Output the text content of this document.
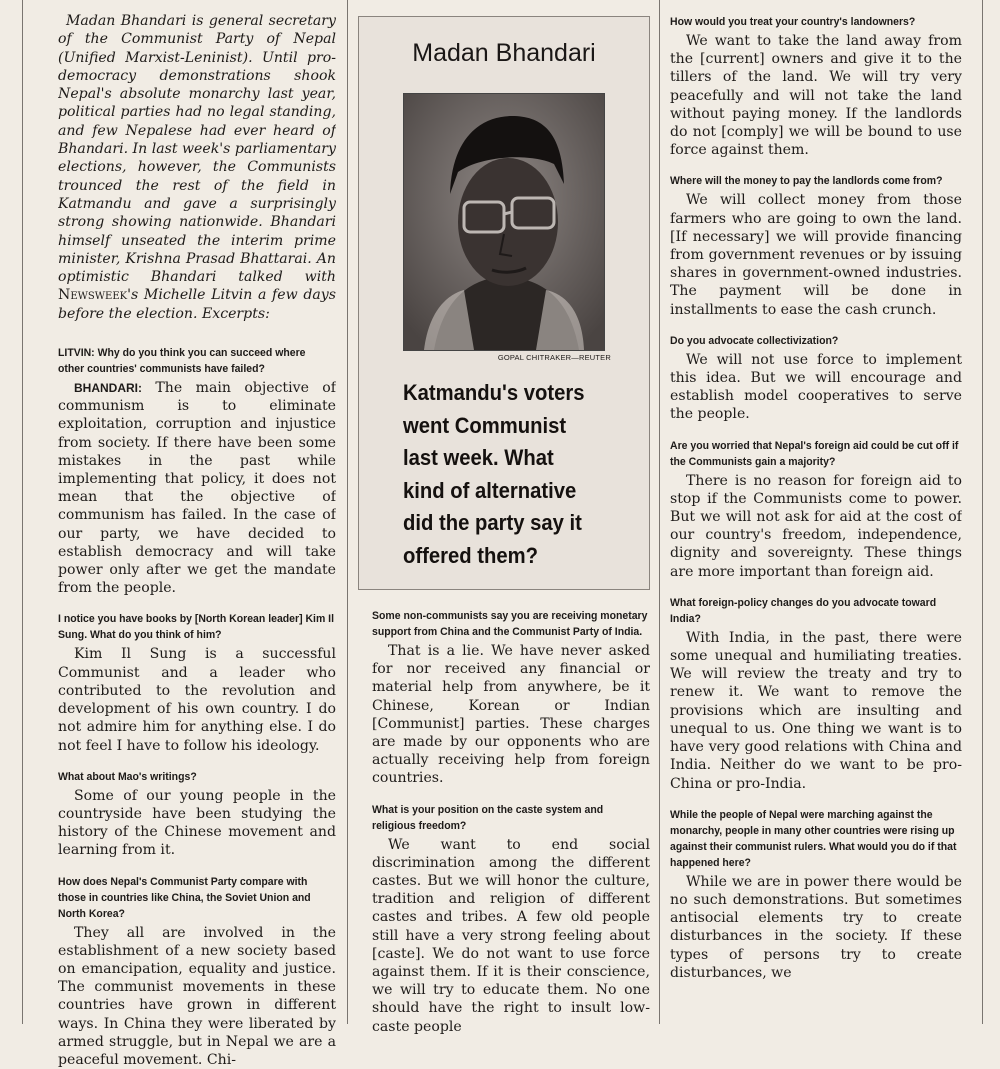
Madan Bhandari is general secretary of the Communist Party of Nepal (Unified Marxist-Leninist). Until pro-democracy demonstrations shook Nepal's absolute monarchy last year, political parties had no legal standing, and few Nepalese had ever heard of Bhandari. In last week's parliamentary elections, however, the Communists trounced the rest of the field in Katmandu and gave a surprisingly strong showing nationwide. Bhandari himself unseated the interim prime minister, Krishna Prasad Bhattarai. An optimistic Bhandari talked with Newsweek's Michelle Litvin a few days before the election. Excerpts:

LITVIN: Why do you think you can succeed where other countries' communists have failed?

BHANDARI: The main objective of communism is to eliminate exploitation, corruption and injustice from society. If there have been some mistakes in the past while implementing that policy, it does not mean that the objective of communism has failed. In the case of our party, we have decided to establish democracy and will take power only after we get the mandate from the people.

I notice you have books by [North Korean leader] Kim Il Sung. What do you think of him?

Kim Il Sung is a successful Communist and a leader who contributed to the revolution and development of his own country. I do not admire him for anything else. I do not feel I have to follow his ideology.

What about Mao's writings?

Some of our young people in the countryside have been studying the history of the Chinese movement and learning from it.

How does Nepal's Communist Party compare with those in countries like China, the Soviet Union and North Korea?

They all are involved in the establishment of a new society based on emancipation, equality and justice. The communist movements in these countries have grown in different ways. In China they were liberated by armed struggle, but in Nepal we are a peaceful movement. Chi-

Madan Bhandari
GOPAL CHITRAKER—REUTER
Katmandu's voters went Communist last week. What kind of alternative did the party say it offered them?

Some non-communists say you are receiving monetary support from China and the Communist Party of India.

That is a lie. We have never asked for nor received any financial or material help from anywhere, be it Chinese, Korean or Indian [Communist] parties. These charges are made by our opponents who are actually receiving help from foreign countries.

What is your position on the caste system and religious freedom?

We want to end social discrimination among the different castes. But we will honor the culture, tradition and religion of different castes and tribes. A few old people still have a very strong feeling about [caste]. We do not want to use force against them. If it is their conscience, we will try to educate them. No one should have the right to insult low-caste people

How would you treat your country's landowners?

We want to take the land away from the [current] owners and give it to the tillers of the land. We will try very peacefully and will not take the land without paying money. If the landlords do not [comply] we will be bound to use force against them.

Where will the money to pay the landlords come from?

We will collect money from those farmers who are going to own the land. [If necessary] we will provide financing from government revenues or by issuing shares in government-owned industries. The payment will be done in installments to ease the cash crunch.

Do you advocate collectivization?

We will not use force to implement this idea. But we will encourage and establish model cooperatives to serve the people.

Are you worried that Nepal's foreign aid could be cut off if the Communists gain a majority?

There is no reason for foreign aid to stop if the Communists come to power. But we will not ask for aid at the cost of our country's freedom, independence, dignity and sovereignty. These things are more important than foreign aid.

What foreign-policy changes do you advocate toward India?

With India, in the past, there were some unequal and humiliating treaties. We will review the treaty and try to renew it. We want to remove the provisions which are insulting and unequal to us. One thing we want is to have very good relations with China and India. Neither do we want to be pro-China or pro-India.

While the people of Nepal were marching against the monarchy, people in many other countries were rising up against their communist rulers. What would you do if that happened here?

While we are in power there would be no such demonstrations. But sometimes antisocial elements try to create disturbances in the society. If these types of persons try to create disturbances, we
